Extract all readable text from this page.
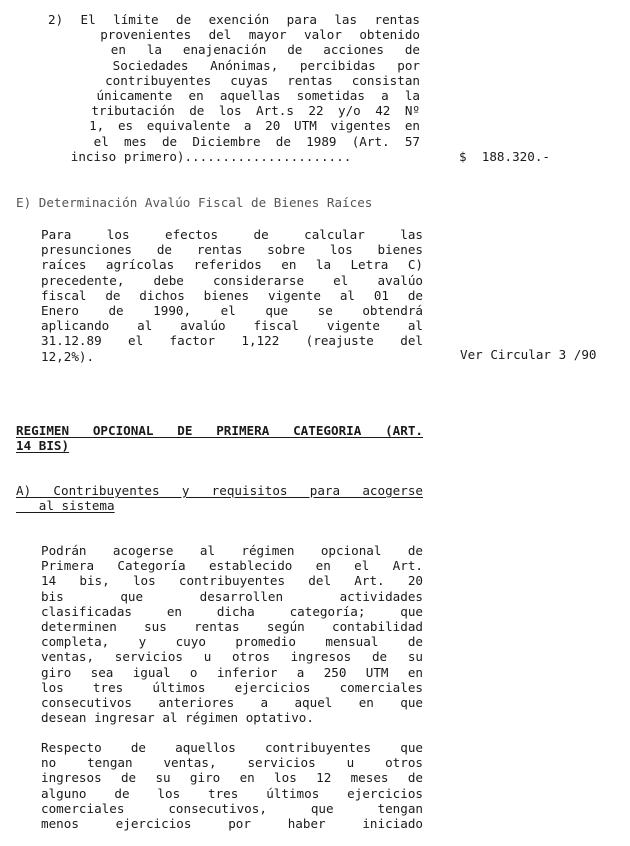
2) El límite de exención para las rentas
provenientes del mayor valor obtenido
en la enajenación de acciones de
Sociedades Anónimas, percibidas por
contribuyentes cuyas rentas consistan
únicamente en aquellas sometidas a la
tributación de los Art.s 22 y/o 42 Nº
1, es equivalente a 20 UTM vigentes en
el mes de Diciembre de 1989 (Art. 57
inciso primero)......................	$  188.320.-
E) Determinación Avalúo Fiscal de Bienes Raíces
Para los efectos de calcular las
presunciones de rentas sobre los bienes
raíces agrícolas referidos en la Letra C)
precedente, debe considerarse el avalúo
fiscal de dichos bienes vigente al 01 de
Enero de 1990, el que se obtendrá
aplicando al avalúo fiscal vigente al
31.12.89 el factor 1,122 (reajuste del
12,2%).	Ver Circular 3 /90
REGIMEN OPCIONAL DE PRIMERA CATEGORIA (ART.
14 BIS)
A) Contribuyentes y requisitos para acogerse
al sistema
Podrán acogerse al régimen opcional de
Primera Categoría establecido en el Art.
14 bis, los contribuyentes del Art. 20
bis que desarrollen actividades
clasificadas en dicha categoría; que
determinen sus rentas según contabilidad
completa, y cuyo promedio mensual de
ventas, servicios u otros ingresos de su
giro sea igual o inferior a 250 UTM en
los tres últimos ejercicios comerciales
consecutivos anteriores a aquel en que
desean ingresar al régimen optativo.
Respecto de aquellos contribuyentes que
no tengan ventas, servicios u otros
ingresos de su giro en los 12 meses de
alguno de los tres últimos ejercicios
comerciales consecutivos, que tengan
menos ejercicios por haber iniciado
